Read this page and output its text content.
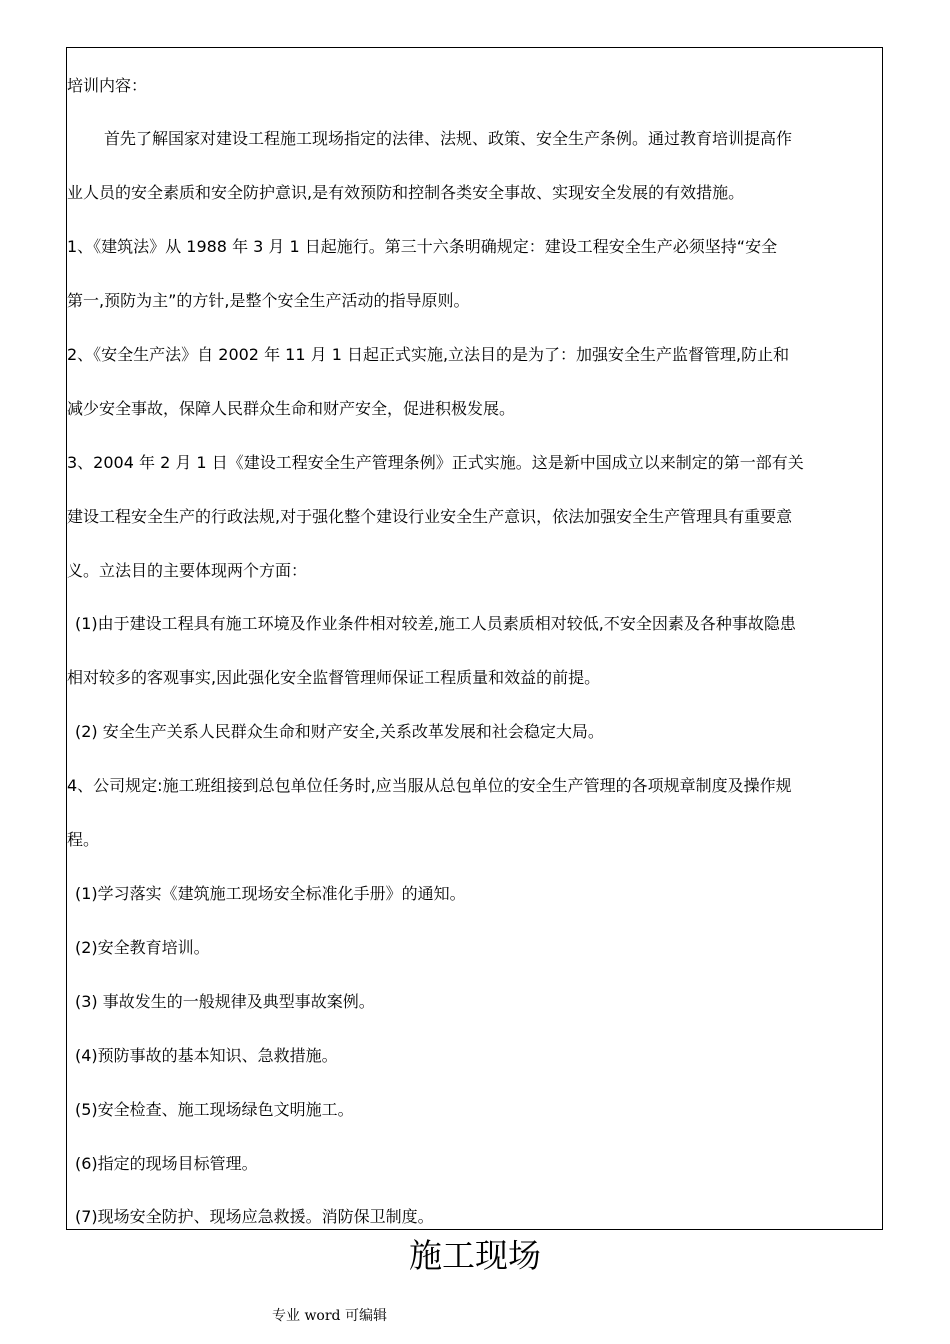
培训内容：
首先了解国家对建设工程施工现场指定的法律、法规、政策、安全生产条例。通过教育培训提高作
业人员的安全素质和安全防护意识,是有效预防和控制各类安全事故、实现安全发展的有效措施。
1、《建筑法》从 1988 年 3 月 1 日起施行。第三十六条明确规定：建设工程安全生产必须坚持“安全
第一,预防为主”的方针,是整个安全生产活动的指导原则。
2、《安全生产法》自 2002 年 11 月 1 日起正式实施,立法目的是为了：加强安全生产监督管理,防止和
减少安全事故，保障人民群众生命和财产安全，促进积极发展。
3、2004 年 2 月 1 日《建设工程安全生产管理条例》正式实施。这是新中国成立以来制定的第一部有关
建设工程安全生产的行政法规,对于强化整个建设行业安全生产意识，依法加强安全生产管理具有重要意
义。立法目的主要体现两个方面：
(1)由于建设工程具有施工环境及作业条件相对较差,施工人员素质相对较低,不安全因素及各种事故隐患
相对较多的客观事实,因此强化安全监督管理师保证工程质量和效益的前提。
(2) 安全生产关系人民群众生命和财产安全,关系改革发展和社会稳定大局。
4、公司规定:施工班组接到总包单位任务时,应当服从总包单位的安全生产管理的各项规章制度及操作规
程。
(1)学习落实《建筑施工现场安全标准化手册》的通知。
(2)安全教育培训。
(3) 事故发生的一般规律及典型事故案例。
(4)预防事故的基本知识、急救措施。
(5)安全检查、施工现场绿色文明施工。
(6)指定的现场目标管理。
(7)现场安全防护、现场应急救援。消防保卫制度。
施工现场
专业 word 可编辑
